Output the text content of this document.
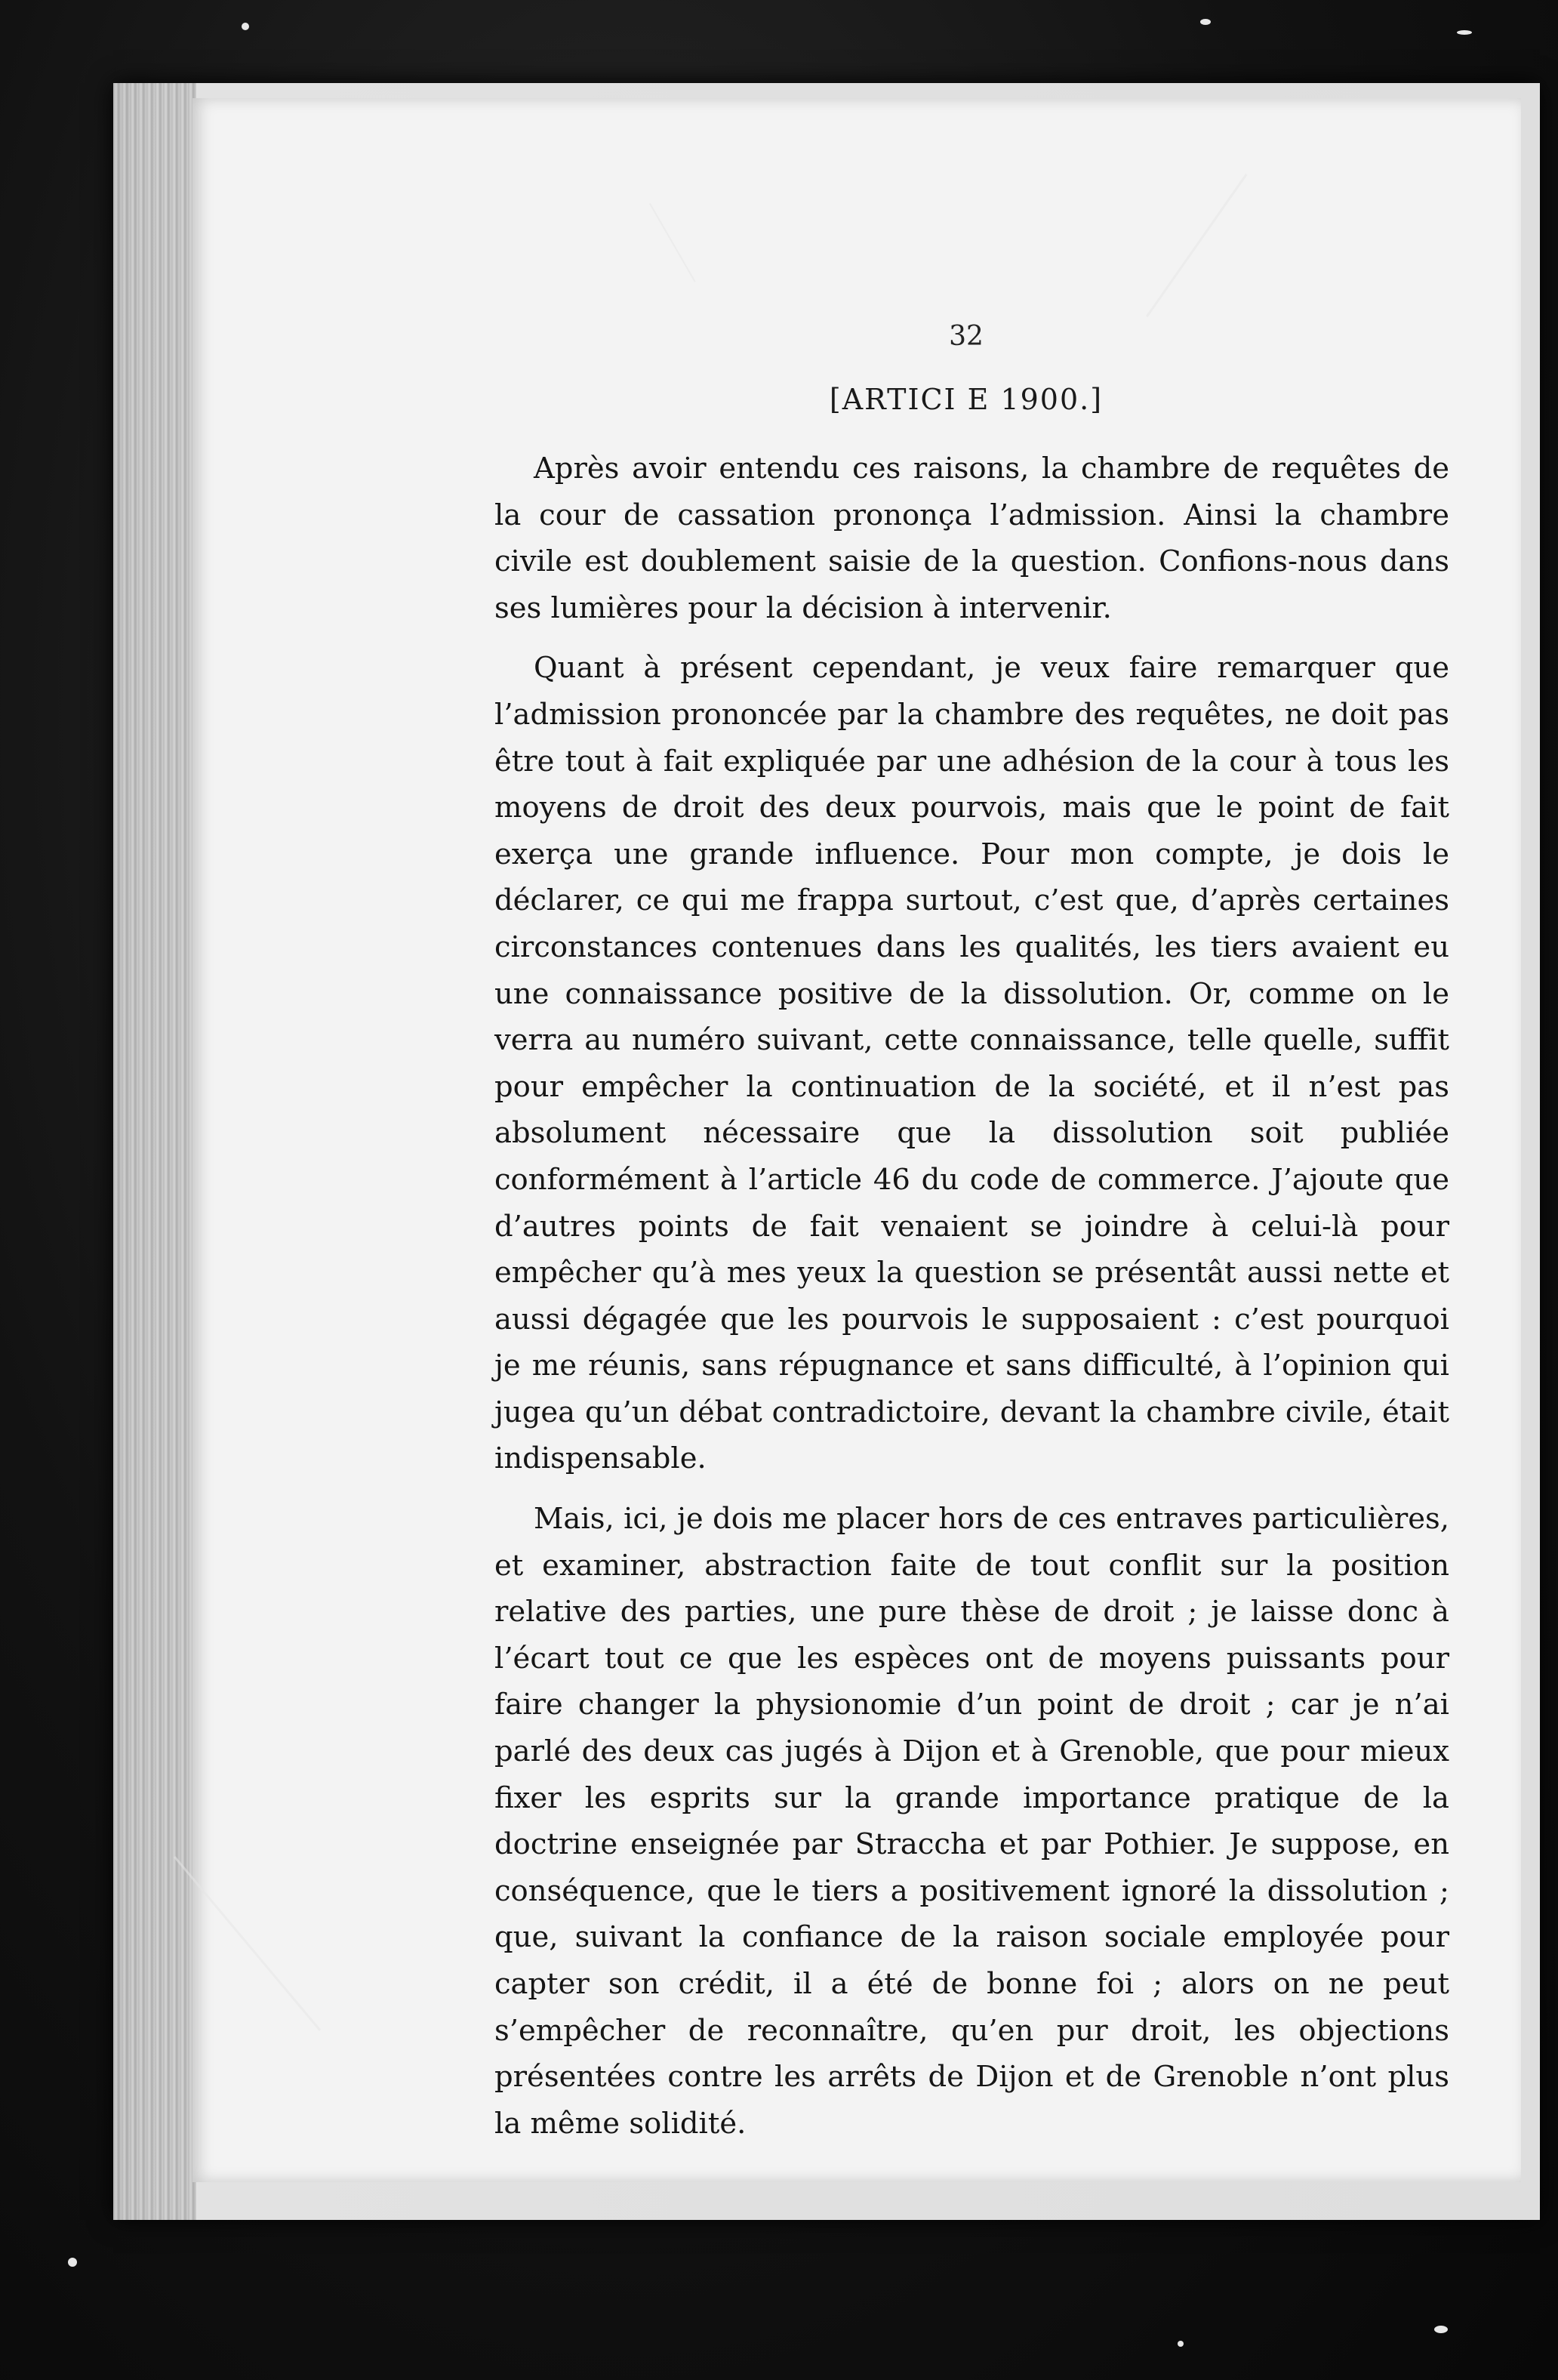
32
[ARTICI E 1900.]

Après avoir entendu ces raisons, la chambre de requêtes de la cour de cassation prononça l’admission. Ainsi la chambre civile est doublement saisie de la question. Confions-nous dans ses lumières pour la décision à intervenir.

Quant à présent cependant, je veux faire remarquer que l’admission prononcée par la chambre des requêtes, ne doit pas être tout à fait expliquée par une adhésion de la cour à tous les moyens de droit des deux pourvois, mais que le point de fait exerça une grande influence. Pour mon compte, je dois le déclarer, ce qui me frappa surtout, c’est que, d’après certaines circonstances contenues dans les qualités, les tiers avaient eu une connaissance positive de la dissolution. Or, comme on le verra au numéro suivant, cette connaissance, telle quelle, suffit pour empêcher la continuation de la société, et il n’est pas absolument nécessaire que la dissolution soit publiée conformément à l’article 46 du code de commerce. J’ajoute que d’autres points de fait venaient se joindre à celui-là pour empêcher qu’à mes yeux la question se présentât aussi nette et aussi dégagée que les pourvois le supposaient : c’est pourquoi je me réunis, sans répugnance et sans difficulté, à l’opinion qui jugea qu’un débat contradictoire, devant la chambre civile, était indispensable.

Mais, ici, je dois me placer hors de ces entraves particulières, et examiner, abstraction faite de tout conflit sur la position relative des parties, une pure thèse de droit ; je laisse donc à l’écart tout ce que les espèces ont de moyens puissants pour faire changer la physionomie d’un point de droit ; car je n’ai parlé des deux cas jugés à Dijon et à Grenoble, que pour mieux fixer les esprits sur la grande importance pratique de la doctrine enseignée par Straccha et par Pothier. Je suppose, en conséquence, que le tiers a positivement ignoré la dissolution ; que, suivant la confiance de la raison sociale employée pour capter son crédit, il a été de bonne foi ; alors on ne peut s’empêcher de reconnaître, qu’en pur droit, les objections présentées contre les arrêts de Dijon et de Grenoble n’ont plus la même solidité.
